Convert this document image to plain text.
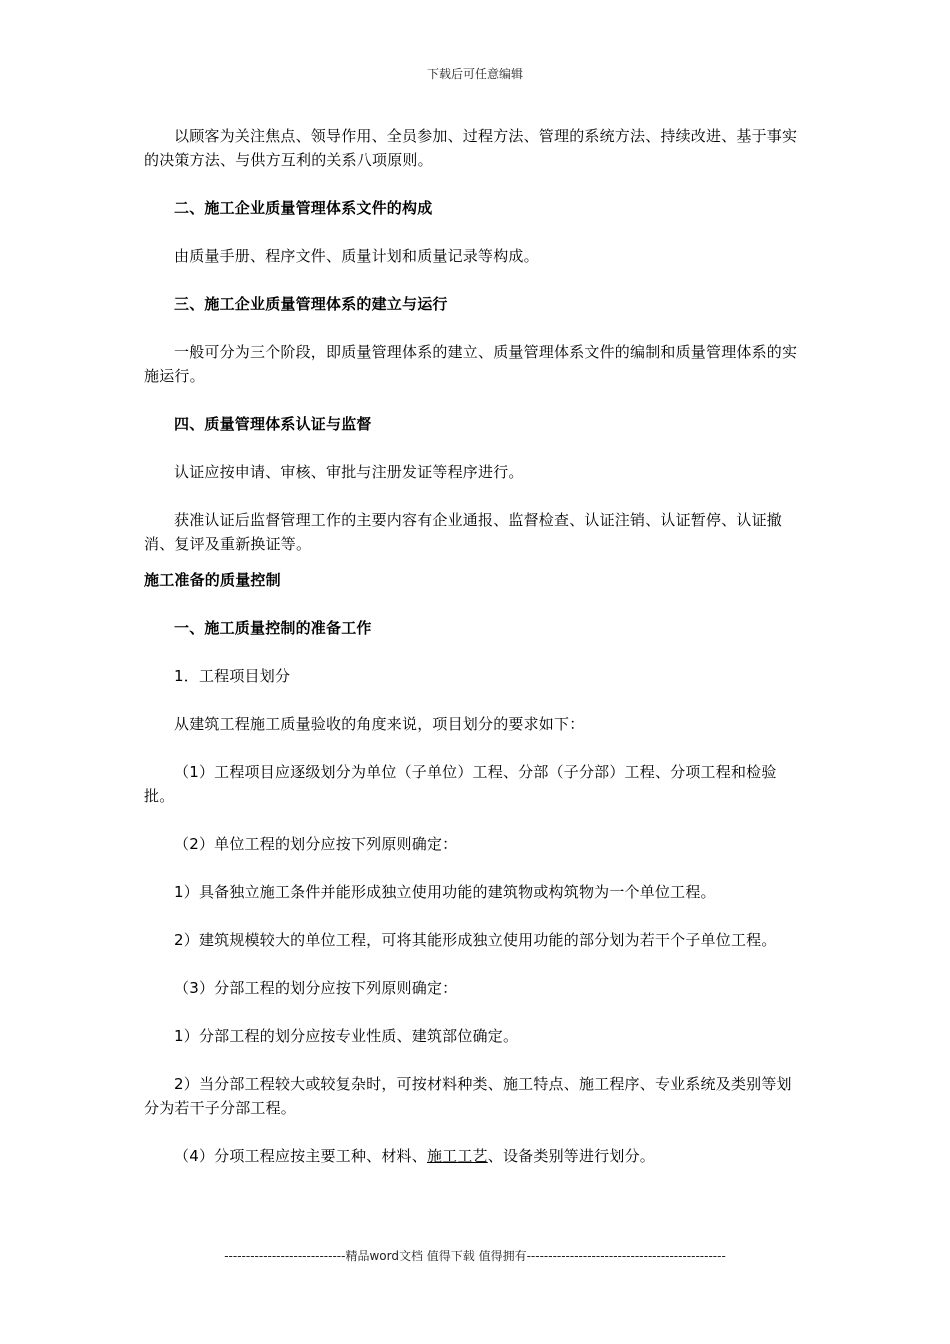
下载后可任意编辑

以顾客为关注焦点、领导作用、全员参加、过程方法、管理的系统方法、持续改进、基于事实的决策方法、与供方互利的关系八项原则。

二、施工企业质量管理体系文件的构成

由质量手册、程序文件、质量计划和质量记录等构成。

三、施工企业质量管理体系的建立与运行

一般可分为三个阶段，即质量管理体系的建立、质量管理体系文件的编制和质量管理体系的实施运行。

四、质量管理体系认证与监督

认证应按申请、审核、审批与注册发证等程序进行。

获准认证后监督管理工作的主要内容有企业通报、监督检查、认证注销、认证暂停、认证撤消、复评及重新换证等。

施工准备的质量控制

一、施工质量控制的准备工作

1．工程项目划分

从建筑工程施工质量验收的角度来说，项目划分的要求如下：

（1）工程项目应逐级划分为单位（子单位）工程、分部（子分部）工程、分项工程和检验批。

（2）单位工程的划分应按下列原则确定：

1）具备独立施工条件并能形成独立使用功能的建筑物或构筑物为一个单位工程。

2）建筑规模较大的单位工程，可将其能形成独立使用功能的部分划为若干个子单位工程。

（3）分部工程的划分应按下列原则确定：

1）分部工程的划分应按专业性质、建筑部位确定。

2）当分部工程较大或较复杂时，可按材料种类、施工特点、施工程序、专业系统及类别等划分为若干子分部工程。

（4）分项工程应按主要工种、材料、施工工艺、设备类别等进行划分。

----------------------------精品word文档 值得下载 值得拥有----------------------------------------------
